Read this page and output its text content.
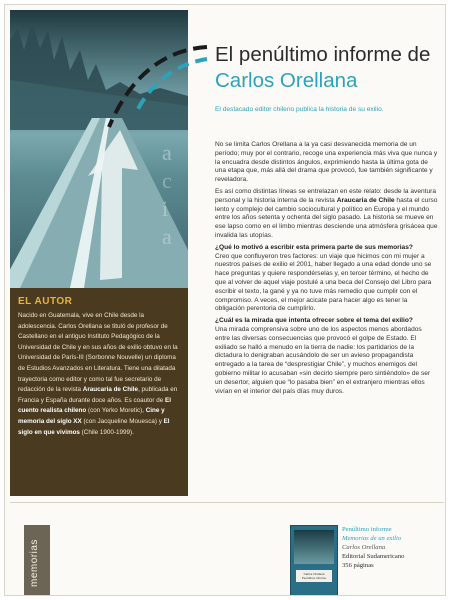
a
c
i
a
El penúltimo informe de
Carlos Orellana
El destacado editor chileno publica la historia de su exilio.

No se limita Carlos Orellana a la ya casi desvanecida memoria de un período; muy por el contrario, recoge una experiencia más viva que nunca y la encuadra desde distintos ángulos, exprimiendo hasta la última gota de una etapa que, más allá del drama que provocó, fue también significante y reveladora.

Es así como distintas líneas se entrelazan en este relato: desde la aventura personal y la historia interna de la revista Araucaria de Chile hasta el curso lento y complejo del cambio sociocultural y político en Europa y el mundo entre los años setenta y ochenta del siglo pasado. La historia se mueve en ese lapso como en el limbo mientras desciende una atmósfera grisácea que invalida las utopías.

¿Qué lo motivó a escribir esta primera parte de sus memorias?

Creo que confluyeron tres factores: un viaje que hicimos con mi mujer a nuestros países de exilio el 2001, haber llegado a una edad donde uno se hace preguntas y quiere respondérselas y, en tercer término, el hecho de que al volver de aquel viaje postulé a una beca del Consejo del Libro para escribir el texto, la gané y ya no tuve más remedio que cumplir con el compromiso. A veces, el mejor acicate para hacer algo es tener la obligación perentoria de cumplirlo.

¿Cuál es la mirada que intenta ofrecer sobre el tema del exilio?

Una mirada comprensiva sobre uno de los aspectos menos abordados entre las diversas consecuencias que provocó el golpe de Estado. El exiliado se halló a menudo en la tierra de nadie: los partidarios de la dictadura lo denigraban acusándolo de ser un avieso propagandista entregado a la tarea de “desprestigiar Chile”, y muchos enemigos del gobierno militar lo acusaban «sin decirlo siempre pero sintiéndolo» de ser un desertor, alguien que “lo pasaba bien” en el extranjero mientras ellos vivían en el interior del país días muy duros.

EL AUTOR
Nacido en Guatemala, vive en Chile desde la adolescencia. Carlos Orellana se tituló de profesor de Castellano en el antiguo Instituto Pedagógico de la Universidad de Chile y en sus años de exilio obtuvo en la Universidad de París-III (Sorbonne Nouvelle) un diploma de Estudios Avanzados en Literatura. Tiene una dilatada trayectoria como editor y como tal fue secretario de redacción de la revista Araucaria de Chile, publicada en Francia y España durante doce años. Es coautor de El cuento realista chileno (con Yerko Moretic), Cine y memoria del siglo XX (con Jacqueline Mouesca) y El siglo en que vivimos (Chile 1900-1999).
memorias	Carlos Orellana
Penúltimo informe
Penúltimo informe
Memorias de un exilio
Carlos Orellana
Editorial Sudamericano
356 páginas
